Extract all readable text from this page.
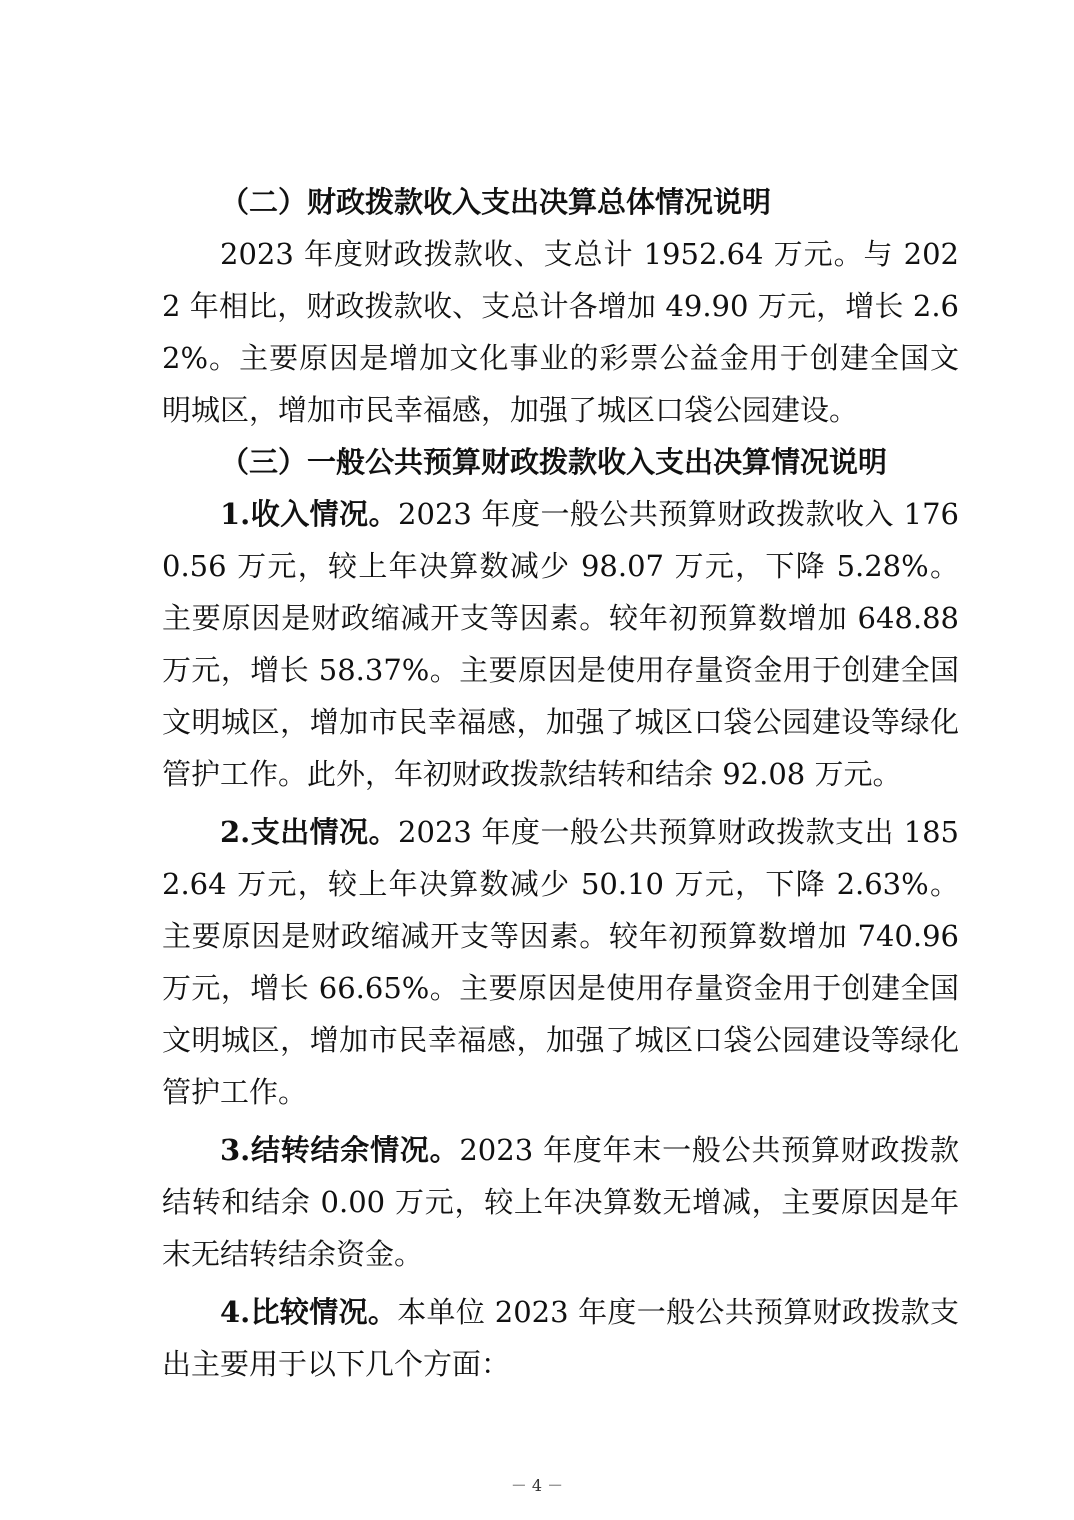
（二）财政拨款收入支出决算总体情况说明

2023 年度财政拨款收、支总计 1952.64 万元。与 2022 年相比，财政拨款收、支总计各增加 49.90 万元，增长 2.62%。主要原因是增加文化事业的彩票公益金用于创建全国文明城区，增加市民幸福感，加强了城区口袋公园建设。

（三）一般公共预算财政拨款收入支出决算情况说明

1.收入情况。2023 年度一般公共预算财政拨款收入 1760.56 万元，较上年决算数减少 98.07 万元，下降 5.28%。主要原因是财政缩减开支等因素。较年初预算数增加 648.88 万元，增长 58.37%。主要原因是使用存量资金用于创建全国文明城区，增加市民幸福感，加强了城区口袋公园建设等绿化管护工作。此外，年初财政拨款结转和结余 92.08 万元。

2.支出情况。2023 年度一般公共预算财政拨款支出 1852.64 万元，较上年决算数减少 50.10 万元，下降 2.63%。主要原因是财政缩减开支等因素。较年初预算数增加 740.96 万元，增长 66.65%。主要原因是使用存量资金用于创建全国文明城区，增加市民幸福感，加强了城区口袋公园建设等绿化管护工作。

3.结转结余情况。2023 年度年末一般公共预算财政拨款结转和结余 0.00 万元，较上年决算数无增减，主要原因是年末无结转结余资金。

4.比较情况。本单位 2023 年度一般公共预算财政拨款支出主要用于以下几个方面：

－ 4 －
